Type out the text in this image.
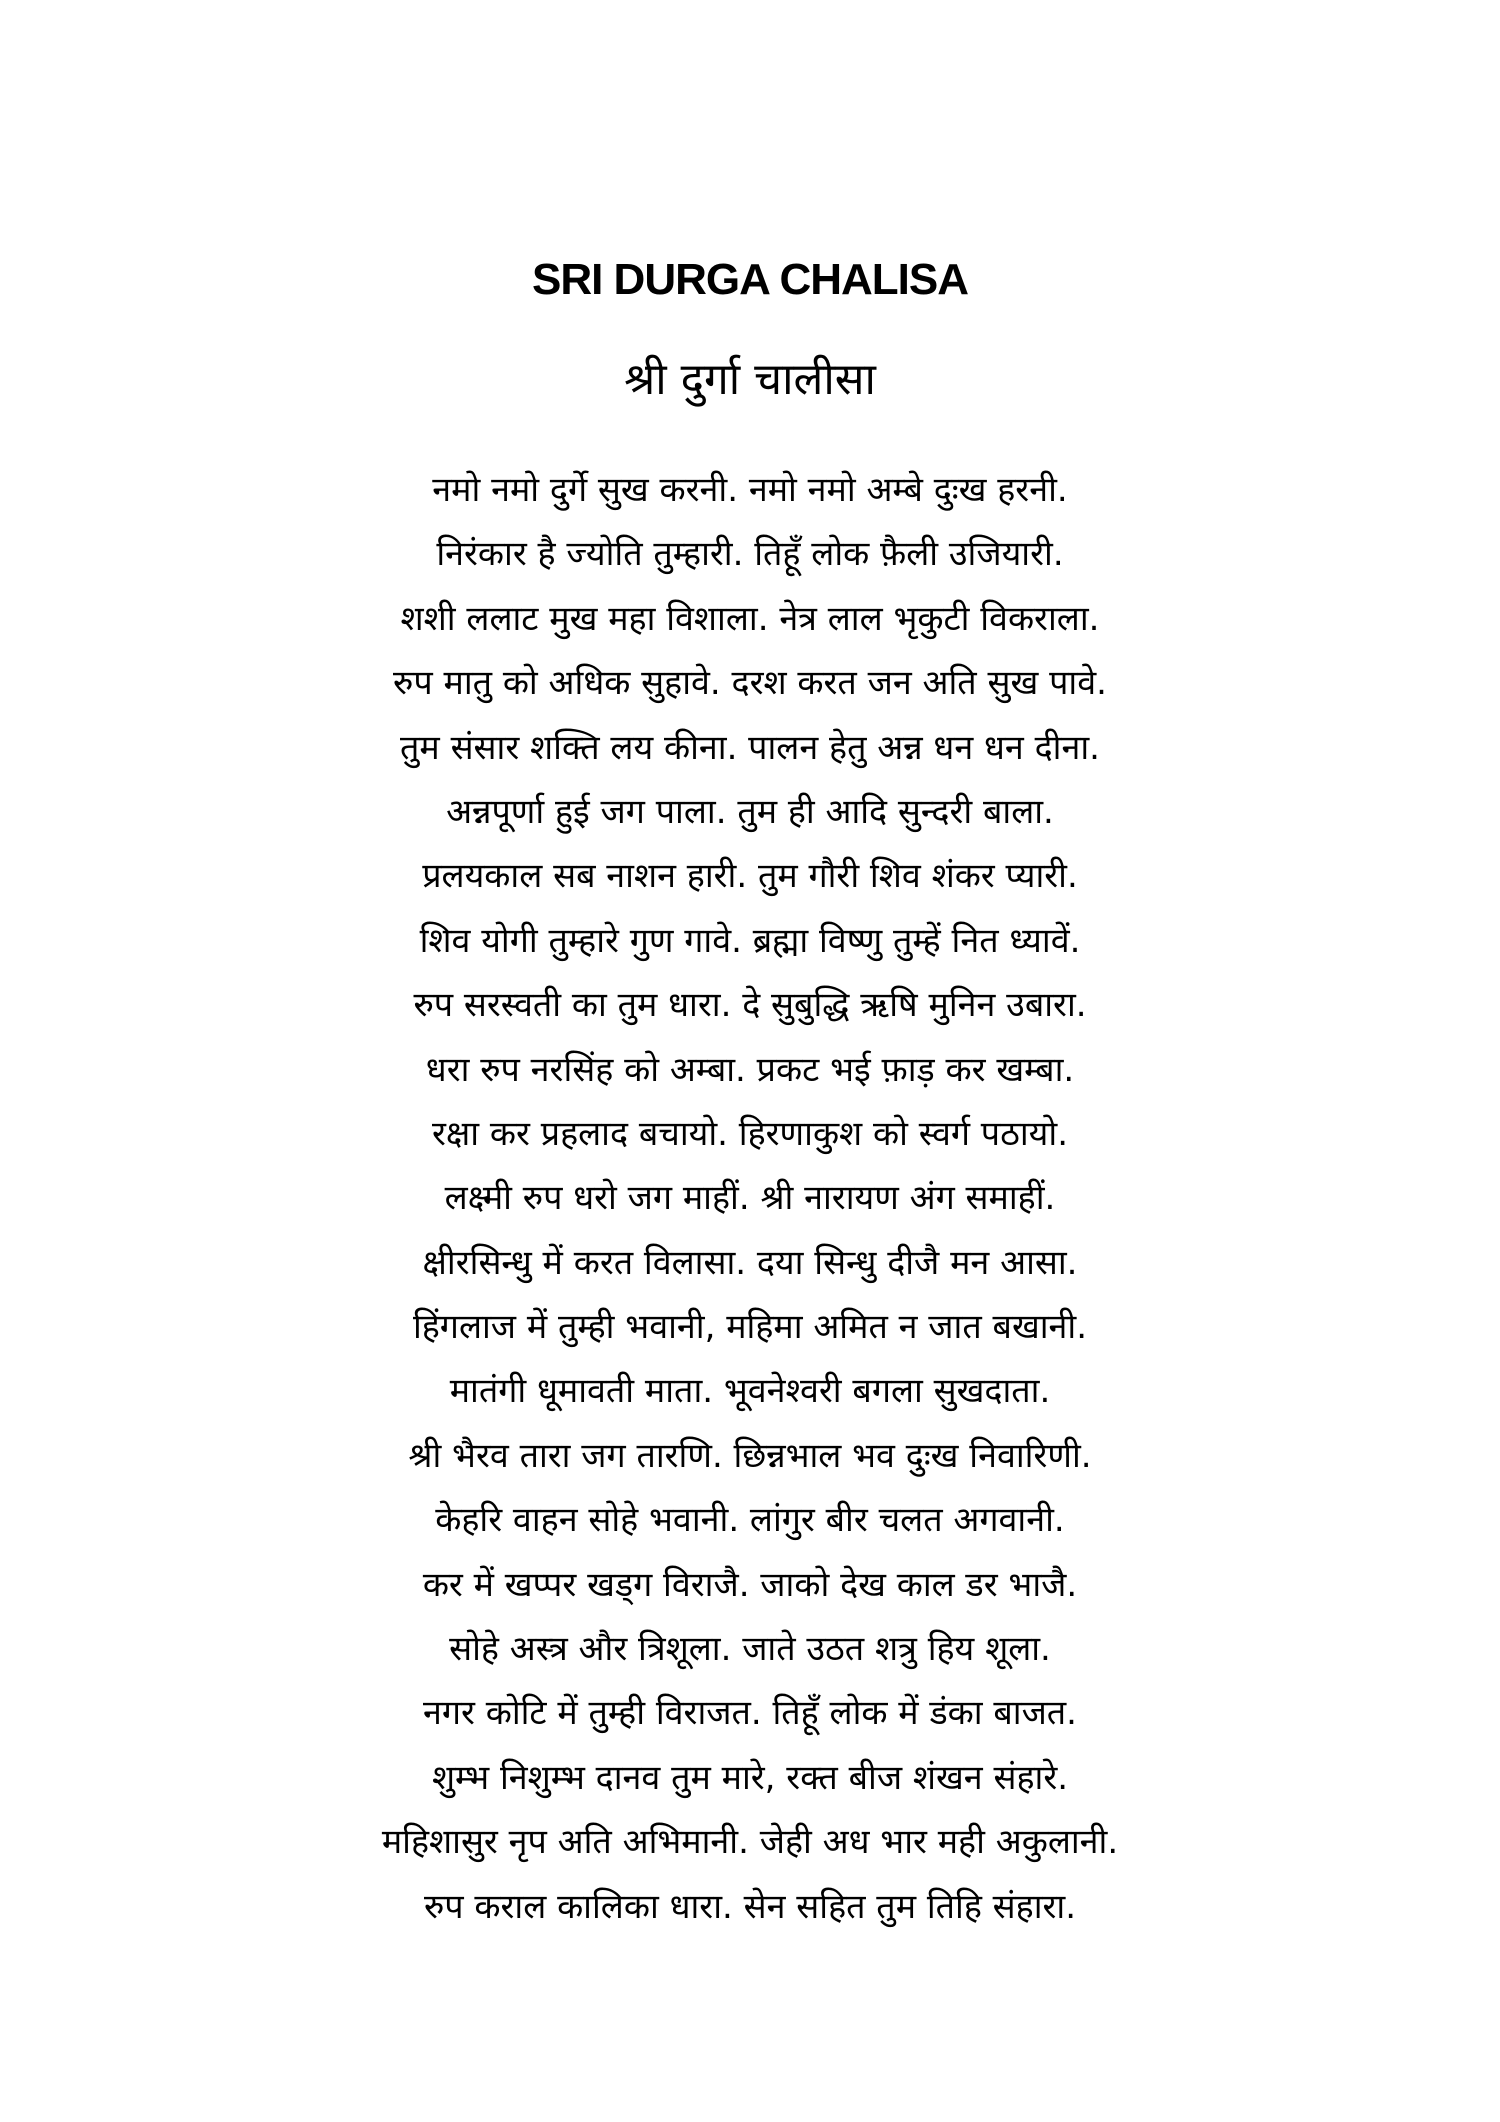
SRI DURGA CHALISA
श्री दुर्गा चालीसा
नमो नमो दुर्गे सुख करनी. नमो नमो अम्बे दुःख हरनी.
निरंकार है ज्योति तुम्हारी. तिहूँ लोक फ़ैली उजियारी.
शशी ललाट मुख महा विशाला. नेत्र लाल भृकुटी विकराला.
रुप मातु को अधिक सुहावे. दरश करत जन अति सुख पावे.
तुम संसार शक्ति लय कीना. पालन हेतु अन्न धन धन दीना.
अन्नपूर्णा हुई जग पाला. तुम ही आदि सुन्दरी बाला.
प्रलयकाल सब नाशन हारी. तुम गौरी शिव शंकर प्यारी.
शिव योगी तुम्हारे गुण गावे. ब्रह्मा विष्णु तुम्हें नित ध्यावें.
रुप सरस्वती का तुम धारा. दे सुबुद्धि ऋषि मुनिन उबारा.
धरा रुप नरसिंह को अम्बा. प्रकट भई फ़ाड़ कर खम्बा.
रक्षा कर प्रहलाद बचायो. हिरणाकुश को स्वर्ग पठायो.
लक्ष्मी रुप धरो जग माहीं. श्री नारायण अंग समाहीं.
क्षीरसिन्धु में करत विलासा. दया सिन्धु दीजै मन आसा.
हिंगलाज में तुम्ही भवानी, महिमा अमित न जात बखानी.
मातंगी धूमावती माता. भूवनेश्वरी बगला सुखदाता.
श्री भैरव तारा जग तारणि. छिन्नभाल भव दुःख निवारिणी.
केहरि वाहन सोहे भवानी. लांगुर बीर चलत अगवानी.
कर में खप्पर खड्ग विराजै. जाको देख काल डर भाजै.
सोहे अस्त्र और त्रिशूला. जाते उठत शत्रु हिय शूला.
नगर कोटि में तुम्ही विराजत. तिहूँ लोक में डंका बाजत.
शुम्भ निशुम्भ दानव तुम मारे, रक्त बीज शंखन संहारे.
महिशासुर नृप अति अभिमानी. जेही अध भार मही अकुलानी.
रुप कराल कालिका धारा. सेन सहित तुम तिहि संहारा.
